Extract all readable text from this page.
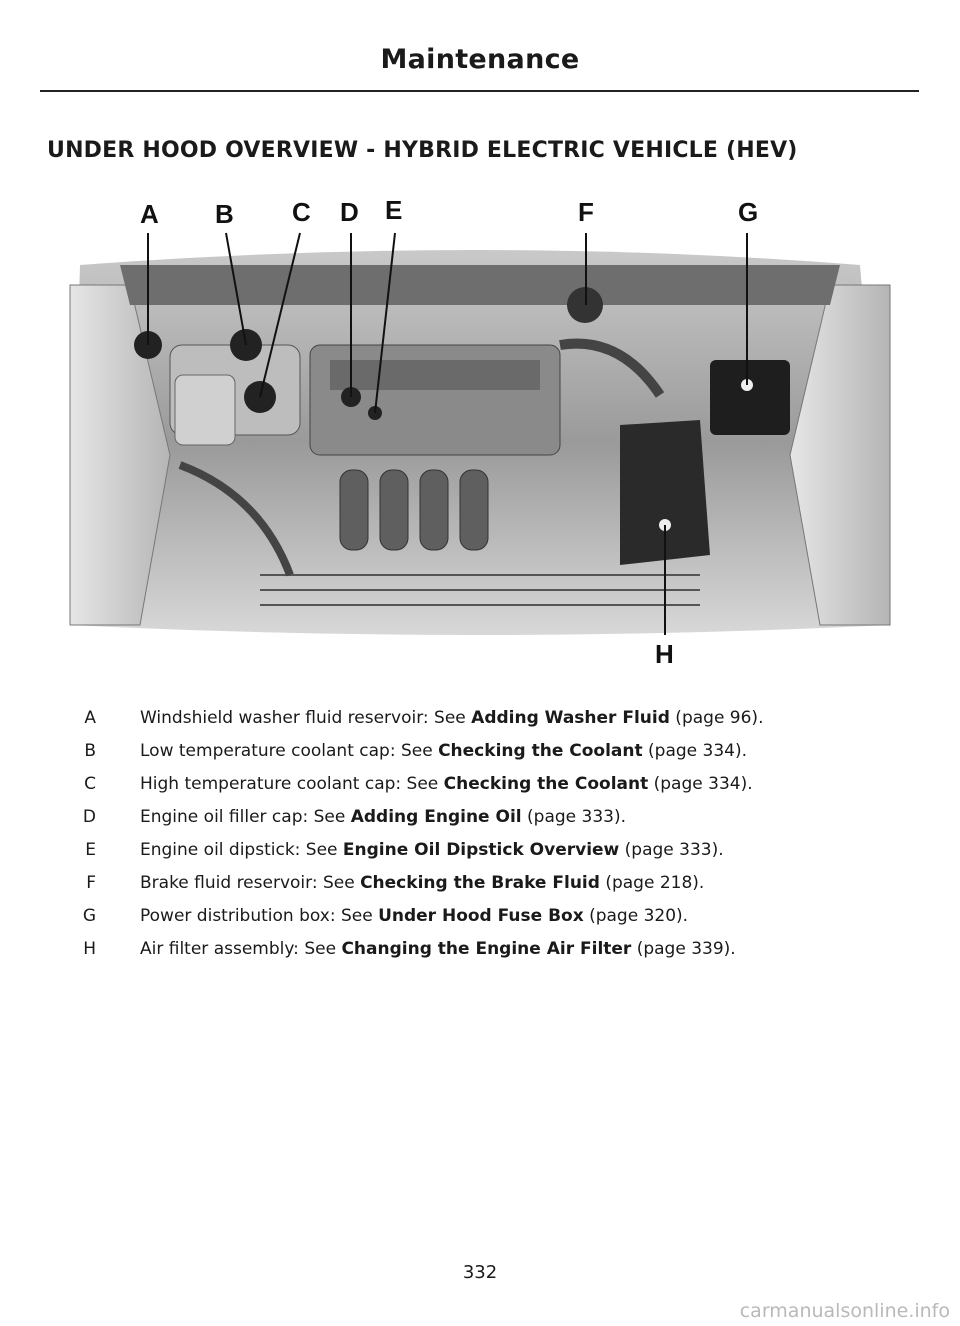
Maintenance
UNDER HOOD OVERVIEW - HYBRID ELECTRIC VEHICLE (HEV)
A B C D E	F	G
H
A	Windshield washer fluid reservoir: See Adding Washer Fluid (page 96).
B	Low temperature coolant cap: See Checking the Coolant (page 334).
C	High temperature coolant cap: See Checking the Coolant (page 334).
D	Engine oil filler cap: See Adding Engine Oil (page 333).
E	Engine oil dipstick: See Engine Oil Dipstick Overview (page 333).
F	Brake fluid reservoir: See Checking the Brake Fluid (page 218).
G	Power distribution box: See Under Hood Fuse Box (page 320).
H	Air filter assembly: See Changing the Engine Air Filter (page 339).
332
carmanualsonline.info
